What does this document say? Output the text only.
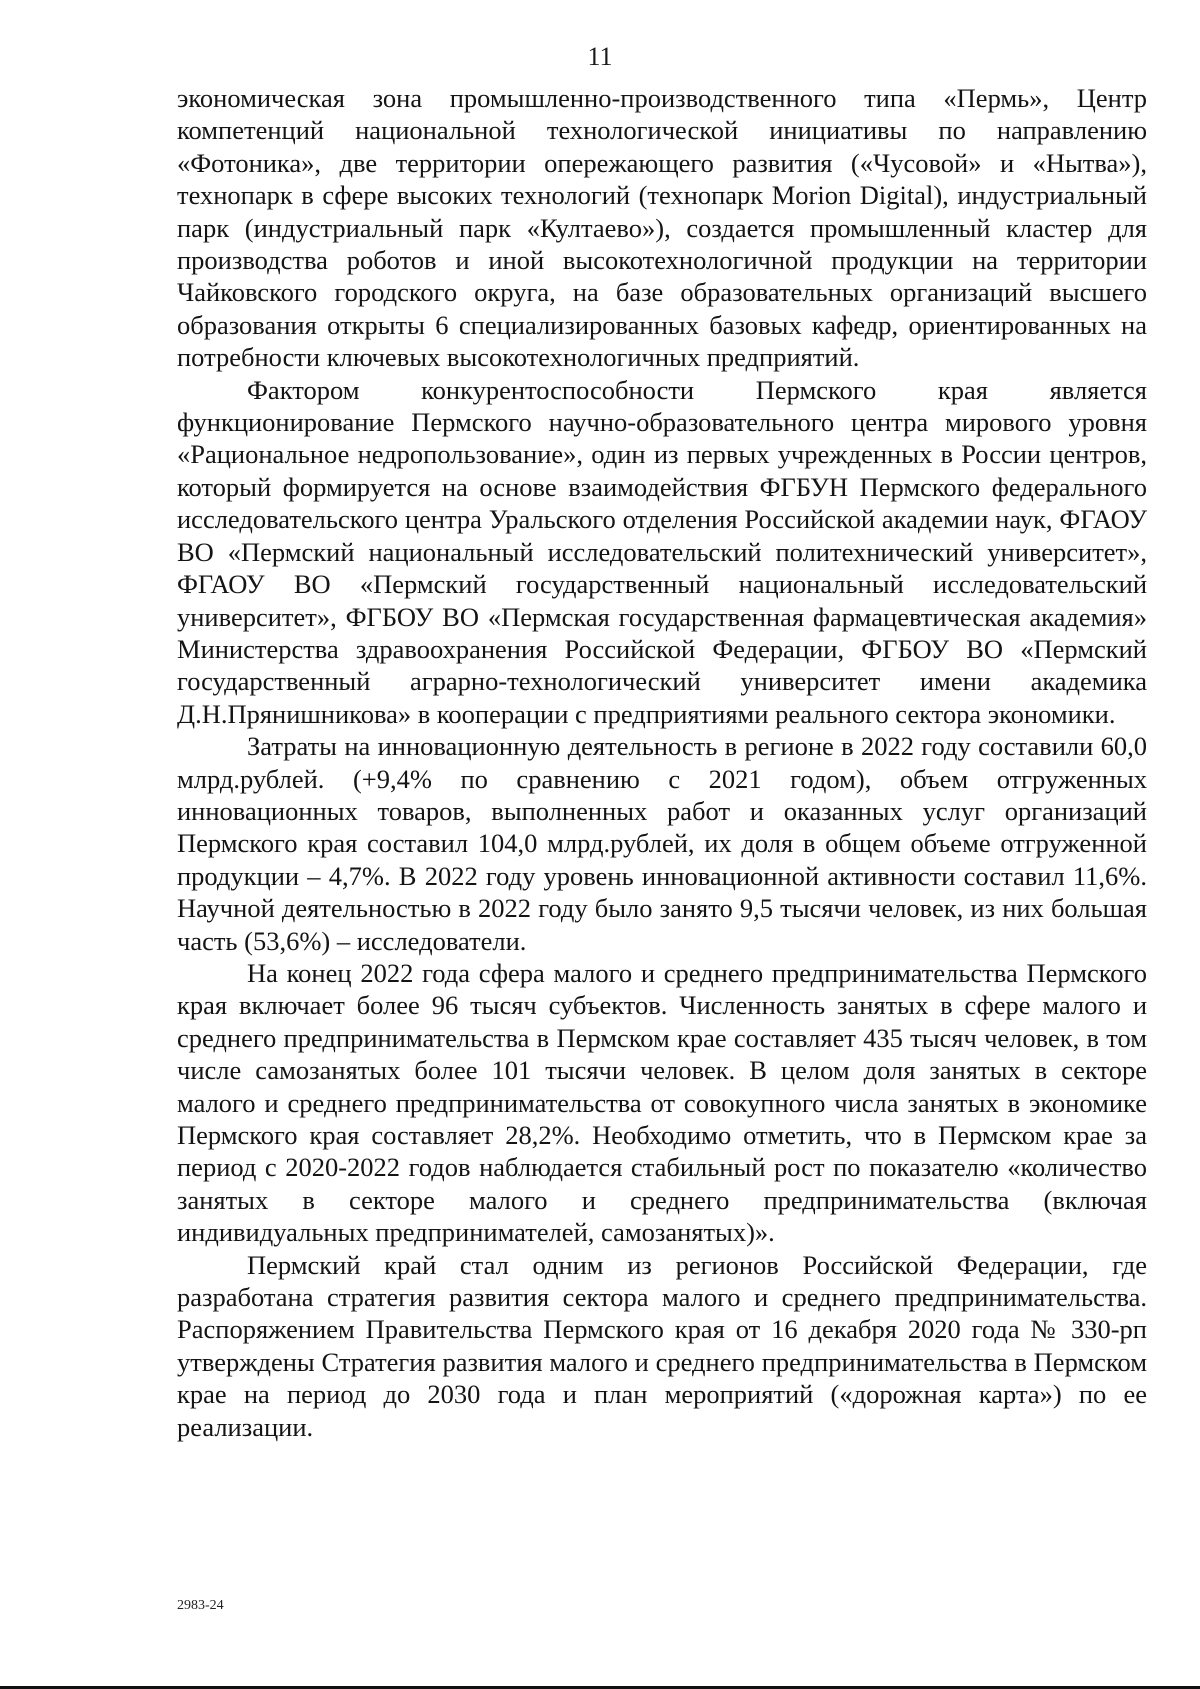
11

экономическая зона промышленно-производственного типа «Пермь», Центр компетенций национальной технологической инициативы по направлению «Фотоника», две территории опережающего развития («Чусовой» и «Нытва»), технопарк в сфере высоких технологий (технопарк Morion Digital), индустриальный парк (индустриальный парк «Култаево»), создается промышленный кластер для производства роботов и иной высокотехнологичной продукции на территории Чайковского городского округа, на базе образовательных организаций высшего образования открыты 6 специализированных базовых кафедр, ориентированных на потребности ключевых высокотехнологичных предприятий.

Фактором конкурентоспособности Пермского края является функционирование Пермского научно-образовательного центра мирового уровня «Рациональное недропользование», один из первых учрежденных в России центров, который формируется на основе взаимодействия ФГБУН Пермского федерального исследовательского центра Уральского отделения Российской академии наук, ФГАОУ ВО «Пермский национальный исследовательский политехнический университет», ФГАОУ ВО «Пермский государственный национальный исследовательский университет», ФГБОУ ВО «Пермская государственная фармацевтическая академия» Министерства здравоохранения Российской Федерации, ФГБОУ ВО «Пермский государственный аграрно-технологический университет имени академика Д.Н.Прянишникова» в кооперации с предприятиями реального сектора экономики.

Затраты на инновационную деятельность в регионе в 2022 году составили 60,0 млрд.рублей. (+9,4% по сравнению с 2021 годом), объем отгруженных инновационных товаров, выполненных работ и оказанных услуг организаций Пермского края составил 104,0 млрд.рублей, их доля в общем объеме отгруженной продукции – 4,7%. В 2022 году уровень инновационной активности составил 11,6%. Научной деятельностью в 2022 году было занято 9,5 тысячи человек, из них большая часть (53,6%) – исследователи.

На конец 2022 года сфера малого и среднего предпринимательства Пермского края включает более 96 тысяч субъектов. Численность занятых в сфере малого и среднего предпринимательства в Пермском крае составляет 435 тысяч человек, в том числе самозанятых более 101 тысячи человек. В целом доля занятых в секторе малого и среднего предпринимательства от совокупного числа занятых в экономике Пермского края составляет 28,2%. Необходимо отметить, что в Пермском крае за период с 2020-2022 годов наблюдается стабильный рост по показателю «количество занятых в секторе малого и среднего предпринимательства (включая индивидуальных предпринимателей, самозанятых)».

Пермский край стал одним из регионов Российской Федерации, где разработана стратегия развития сектора малого и среднего предпринимательства. Распоряжением Правительства Пермского края от 16 декабря 2020 года № 330-рп утверждены Стратегия развития малого и среднего предпринимательства в Пермском крае на период до 2030 года и план мероприятий («дорожная карта») по ее реализации.

2983-24
